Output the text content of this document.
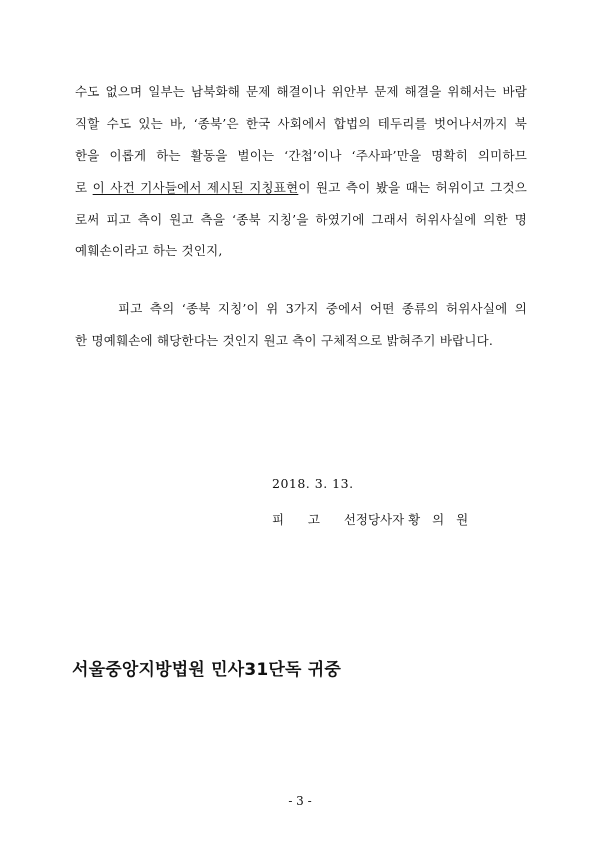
수도 없으며 일부는 남북화해 문제 해결이나 위안부 문제 해결을 위해서는 바람
직할 수도 있는 바, ‘종북’은 한국 사회에서 합법의 테두리를 벗어나서까지 북
한을 이롭게 하는 활동을 벌이는 ‘간첩’이나 ‘주사파’만을 명확히 의미하므
로 이 사건 기사들에서 제시된 지칭표현이 원고 측이 봤을 때는 허위이고 그것으
로써 피고 측이 원고 측을 ‘종북 지칭’을 하였기에 그래서 허위사실에 의한 명
예훼손이라고 하는 것인지,
피고 측의 ‘종북 지칭’이 위 3가지 중에서 어떤 종류의 허위사실에 의
한 명예훼손에 해당한다는 것인지 원고 측이 구체적으로 밝혀주기 바랍니다.
2018. 3. 13.
피      고      선정당사자 황   의   원
서울중앙지방법원 민사31단독 귀중
- 3 -
